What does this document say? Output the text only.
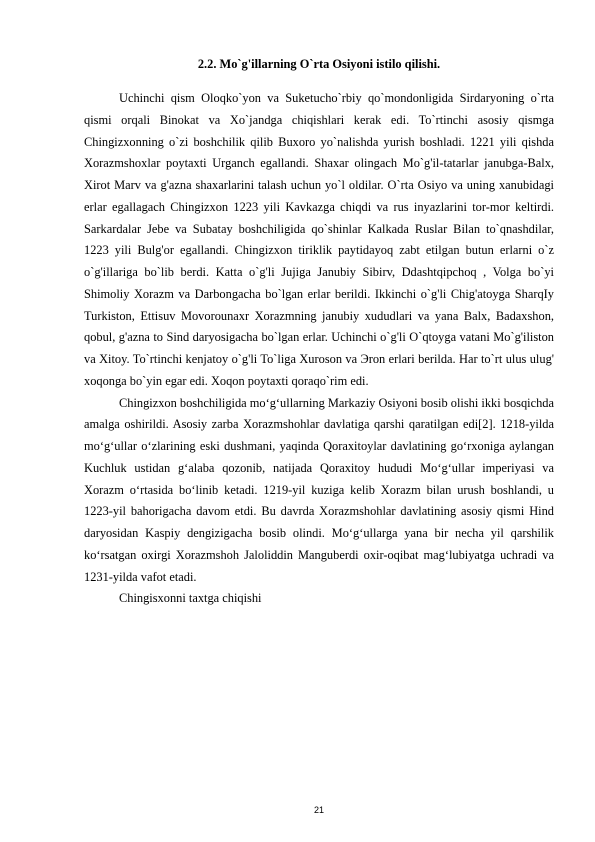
2.2. Mo`g'illarning O`rta Osiyoni istilo qilishi.

Uchinchi qism Oloqko`yon va Suketucho`rbiy qo`mondonligida Sirdaryoning o`rta qismi orqali Binokat va Xo`jandga chiqishlari kerak edi. To`rtinchi asosiy qismga Chingizxonning o`zi boshchilik qilib Buxoro yo`nalishda yurish boshladi. 1221 yili qishda Xorazmshoxlar poytaxti Urganch egallandi. Shaxar olingach Mo`g'il-tatarlar janubga-Balx, Xirot Marv va g'azna shaxarlarini talash uchun yo`l oldilar. O`rta Osiyo va uning xanubidagi erlar egallagach Chingizxon 1223 yili Kavkazga chiqdi va rus inyazlarini tor-mor keltirdi. Sarkardalar Jebe va Subatay boshchiligida qo`shinlar Kalkada Ruslar Bilan to`qnashdilar, 1223 yili Bulg'or egallandi. Chingizxon tiriklik paytidayoq zabt etilgan butun erlarni o`z o`g'illariga bo`lib berdi. Katta o`g'li Jujiga Janubiy Sibirv, Ddashtqipchoq , Volga bo`yi Shimoliy Xorazm va Darbongacha bo`lgan erlar berildi. Ikkinchi o`g'li Chig'atoyga SharqIy Turkiston, Ettisuv Movorounaxr Xorazmning janubiy xududlari va yana Balx, Badaxshon, qobul, g'azna to Sind daryosigacha bo`lgan erlar. Uchinchi o`g'li O`qtoyga vatani Mo`g'iliston va Xitoy. To`rtinchi kenjatoy o`g'li To`liga Xuroson va Эron erlari berilda. Har to`rt ulus ulug' xoqonga bo`yin egar edi. Xoqon poytaxti qoraqo`rim edi.

Chingizxon boshchiligida mo‘g‘ullarning Markaziy Osiyoni bosib olishi ikki bosqichda amalga oshirildi. Asosiy zarba Xorazmshohlar davlatiga qarshi qaratilgan edi[2]. 1218-yilda mo‘g‘ullar o‘zlarining eski dushmani, yaqinda Qoraxitoylar davlatining go‘rxoniga aylangan Kuchluk ustidan g‘alaba qozonib, natijada Qoraxitoy hududi Mo‘g‘ullar imperiyasi va Xorazm o‘rtasida bo‘linib ketadi. 1219-yil kuziga kelib Xorazm bilan urush boshlandi, u 1223-yil bahorigacha davom etdi. Bu davrda Xorazmshohlar davlatining asosiy qismi Hind daryosidan Kaspiy dengizigacha bosib olindi. Mo‘g‘ullarga yana bir necha yil qarshilik ko‘rsatgan oxirgi Xorazmshoh Jaloliddin Manguberdi oxir-oqibat mag‘lubiyatga uchradi va 1231-yilda vafot etadi.

Chingisxonni taxtga chiqishi

21
